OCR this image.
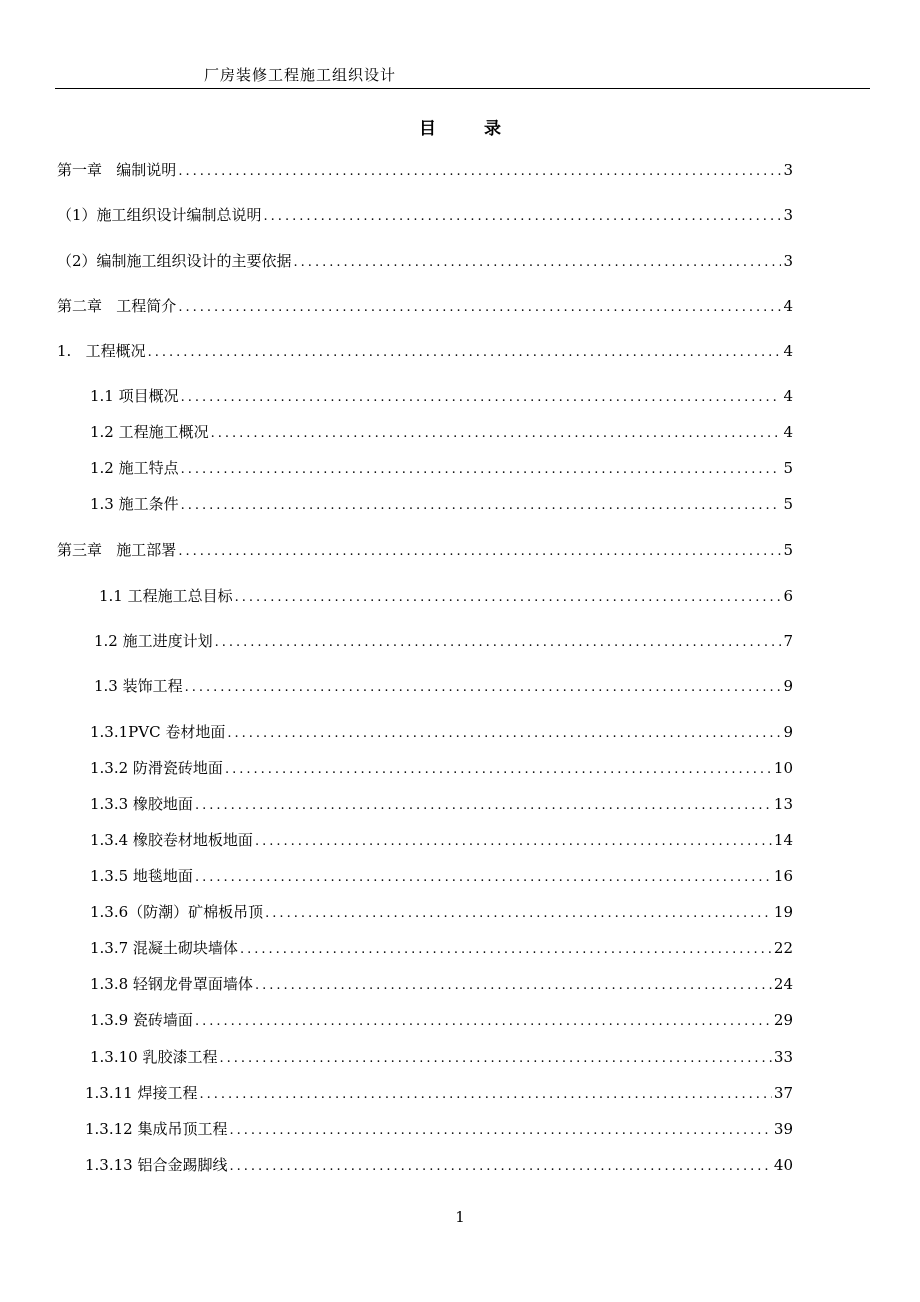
厂房装修工程施工组织设计
目录
第一章   编制说明 .....	3
（1）施工组织设计编制总说明 .....	3
（2）编制施工组织设计的主要依据 .....	3
第二章   工程简介 .....	4
1.   工程概况 .....	4
1.1 项目概况 .....	4
1.2 工程施工概况 .....	4
1.2 施工特点 .....	5
1.3 施工条件 .....	5
第三章   施工部署 .....	5
1.1 工程施工总目标 .....	6
1.2 施工进度计划 .....	7
1.3 装饰工程 .....	9
1.3.1PVC 卷材地面 .....	9
1.3.2 防滑瓷砖地面 .....	10
1.3.3 橡胶地面 .....	13
1.3.4 橡胶卷材地板地面 .....	14
1.3.5 地毯地面 .....	16
1.3.6（防潮）矿棉板吊顶 .....	19
1.3.7 混凝土砌块墙体 .....	22
1.3.8 轻钢龙骨罩面墙体 .....	24
1.3.9 瓷砖墙面 .....	29
1.3.10 乳胶漆工程 .....	33
1.3.11 焊接工程 .....	37
1.3.12 集成吊顶工程 .....	39
1.3.13 铝合金踢脚线 .....	40
1
